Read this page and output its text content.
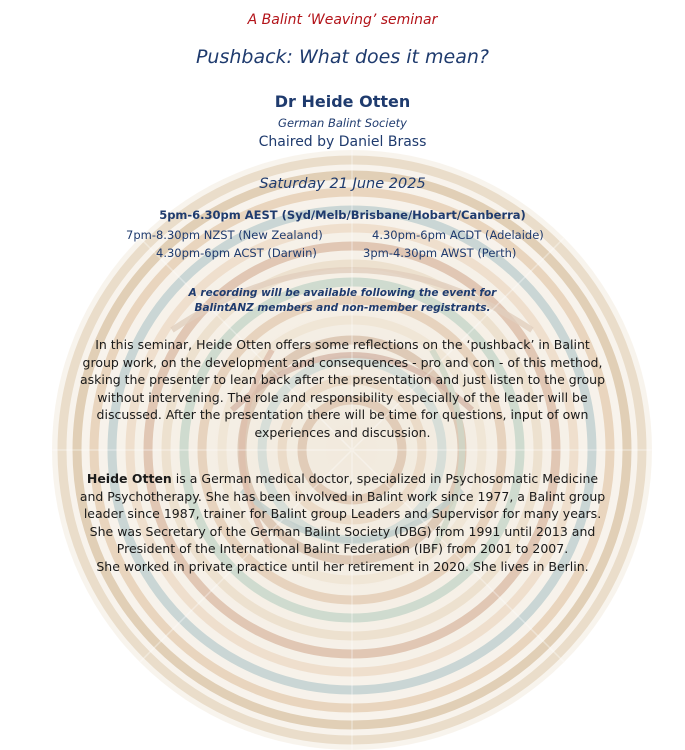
A Balint ‘Weaving’ seminar
Pushback: What does it mean?
Dr Heide Otten
German Balint Society
Chaired by Daniel Brass
Saturday 21 June 2025
5pm-6.30pm AEST (Syd/Melb/Brisbane/Hobart/Canberra)
7pm-8.30pm NZST (New Zealand)	4.30pm-6pm ACDT (Adelaide)
4.30pm-6pm ACST (Darwin)	3pm-4.30pm AWST (Perth)
A recording will be available following the event for
BalintANZ members and non-member registrants.
In this seminar, Heide Otten offers some reflections on the ‘pushback’ in Balint
group work, on the development and consequences - pro and con - of this method,
asking the presenter to lean back after the presentation and just listen to the group
without intervening. The role and responsibility especially of the leader will be
discussed. After the presentation there will be time for questions, input of own
experiences and discussion.
Heide Otten is a German medical doctor, specialized in Psychosomatic Medicine
and Psychotherapy. She has been involved in Balint work since 1977, a Balint group
leader since 1987, trainer for Balint group Leaders and Supervisor for many years.
She was Secretary of the German Balint Society (DBG) from 1991 until 2013 and
President of the International Balint Federation (IBF) from 2001 to 2007.
She worked in private practice until her retirement in 2020. She lives in Berlin.
